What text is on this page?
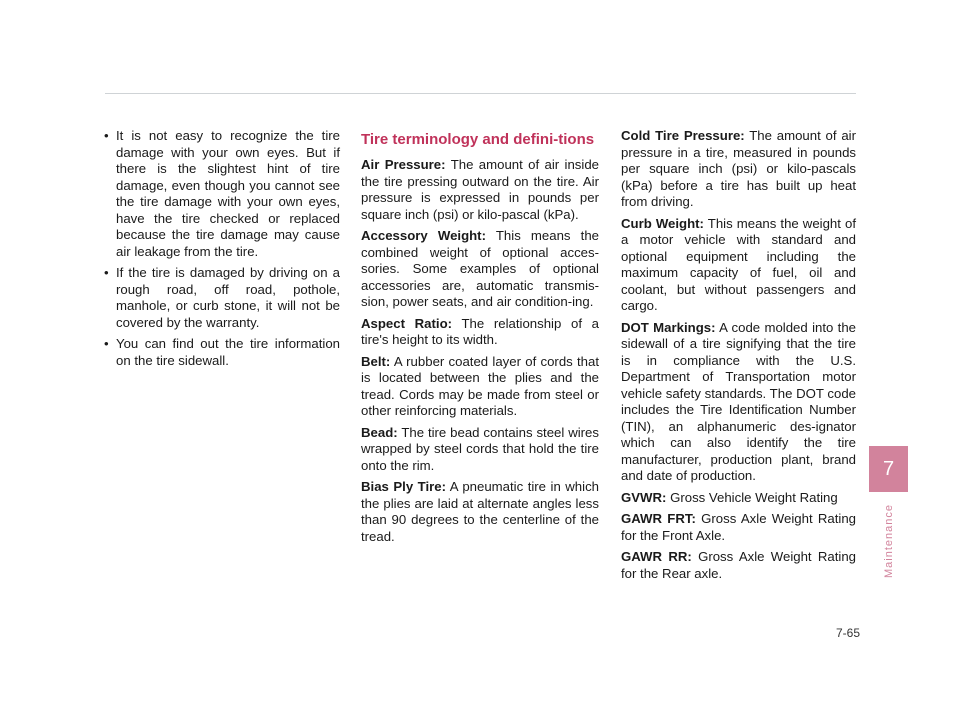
• It is not easy to recognize the tire damage with your own eyes. But if there is the slightest hint of tire damage, even though you cannot see the tire damage with your own eyes, have the tire checked or replaced because the tire damage may cause air leakage from the tire.
• If the tire is damaged by driving on a rough road, off road, pothole, manhole, or curb stone, it will not be covered by the warranty.
• You can find out the tire information on the tire sidewall.
Tire terminology and defini-tions

Air Pressure: The amount of air inside the tire pressing outward on the tire. Air pressure is expressed in pounds per square inch (psi) or kilo-pascal (kPa).

Accessory Weight: This means the combined weight of optional acces-sories. Some examples of optional accessories are, automatic transmis-sion, power seats, and air condition-ing.

Aspect Ratio: The relationship of a tire's height to its width.

Belt: A rubber coated layer of cords that is located between the plies and the tread. Cords may be made from steel or other reinforcing materials.

Bead: The tire bead contains steel wires wrapped by steel cords that hold the tire onto the rim.

Bias Ply Tire: A pneumatic tire in which the plies are laid at alternate angles less than 90 degrees to the centerline of the tread.

Cold Tire Pressure: The amount of air pressure in a tire, measured in pounds per square inch (psi) or kilo-pascals (kPa) before a tire has built up heat from driving.

Curb Weight: This means the weight of a motor vehicle with standard and optional equipment including the maximum capacity of fuel, oil and coolant, but without passengers and cargo.

DOT Markings: A code molded into the sidewall of a tire signifying that the tire is in compliance with the U.S. Department of Transportation motor vehicle safety standards. The DOT code includes the Tire Identification Number (TIN), an alphanumeric des-ignator which can also identify the tire manufacturer, production plant, brand and date of production.

GVWR: Gross Vehicle Weight Rating

GAWR FRT: Gross Axle Weight Rating for the Front Axle.

GAWR RR: Gross Axle Weight Rating for the Rear axle.

7
Maintenance
7-65
